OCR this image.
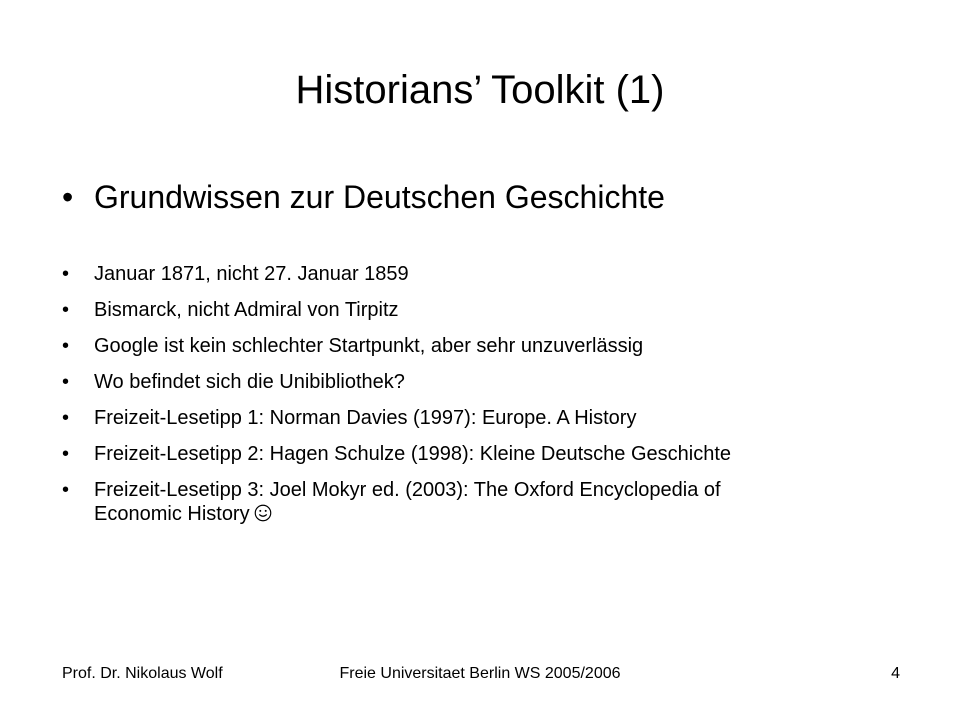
Historians’ Toolkit (1)
• Grundwissen zur Deutschen Geschichte
• Januar 1871, nicht 27. Januar 1859
• Bismarck, nicht Admiral von Tirpitz
• Google ist kein schlechter Startpunkt, aber sehr unzuverlässig
• Wo befindet sich die Unibibliothek?
• Freizeit-Lesetipp 1: Norman Davies (1997): Europe. A History
• Freizeit-Lesetipp 2: Hagen Schulze (1998): Kleine Deutsche Geschichte
• Freizeit-Lesetipp 3: Joel Mokyr ed. (2003): The Oxford Encyclopedia of
Economic History
Prof. Dr. Nikolaus Wolf	Freie Universitaet Berlin WS 2005/2006	4
